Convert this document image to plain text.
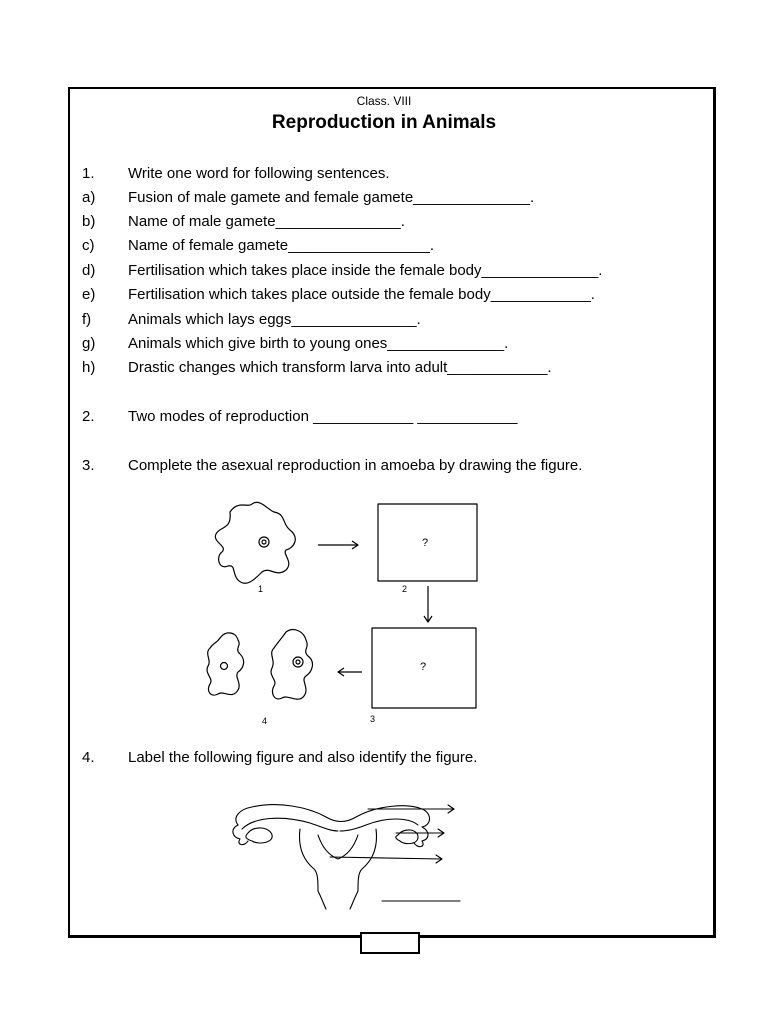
Class. VIII
Reproduction in Animals
1. Write one word for following sentences.
a) Fusion of male gamete and female gamete______________.
b) Name of male gamete_______________.
c) Name of female gamete_________________.
d) Fertilisation which takes place inside the female body______________.
e) Fertilisation which takes place outside the female body____________.
f) Animals which lays eggs_______________.
g) Animals which give birth to young ones______________.
h) Drastic changes which transform larva into adult____________.
2. Two modes of reproduction ____________ ____________
3. Complete the asexual reproduction in amoeba by drawing the figure.
1
?
2
?
3
4
4. Label the following figure and also identify the figure.
